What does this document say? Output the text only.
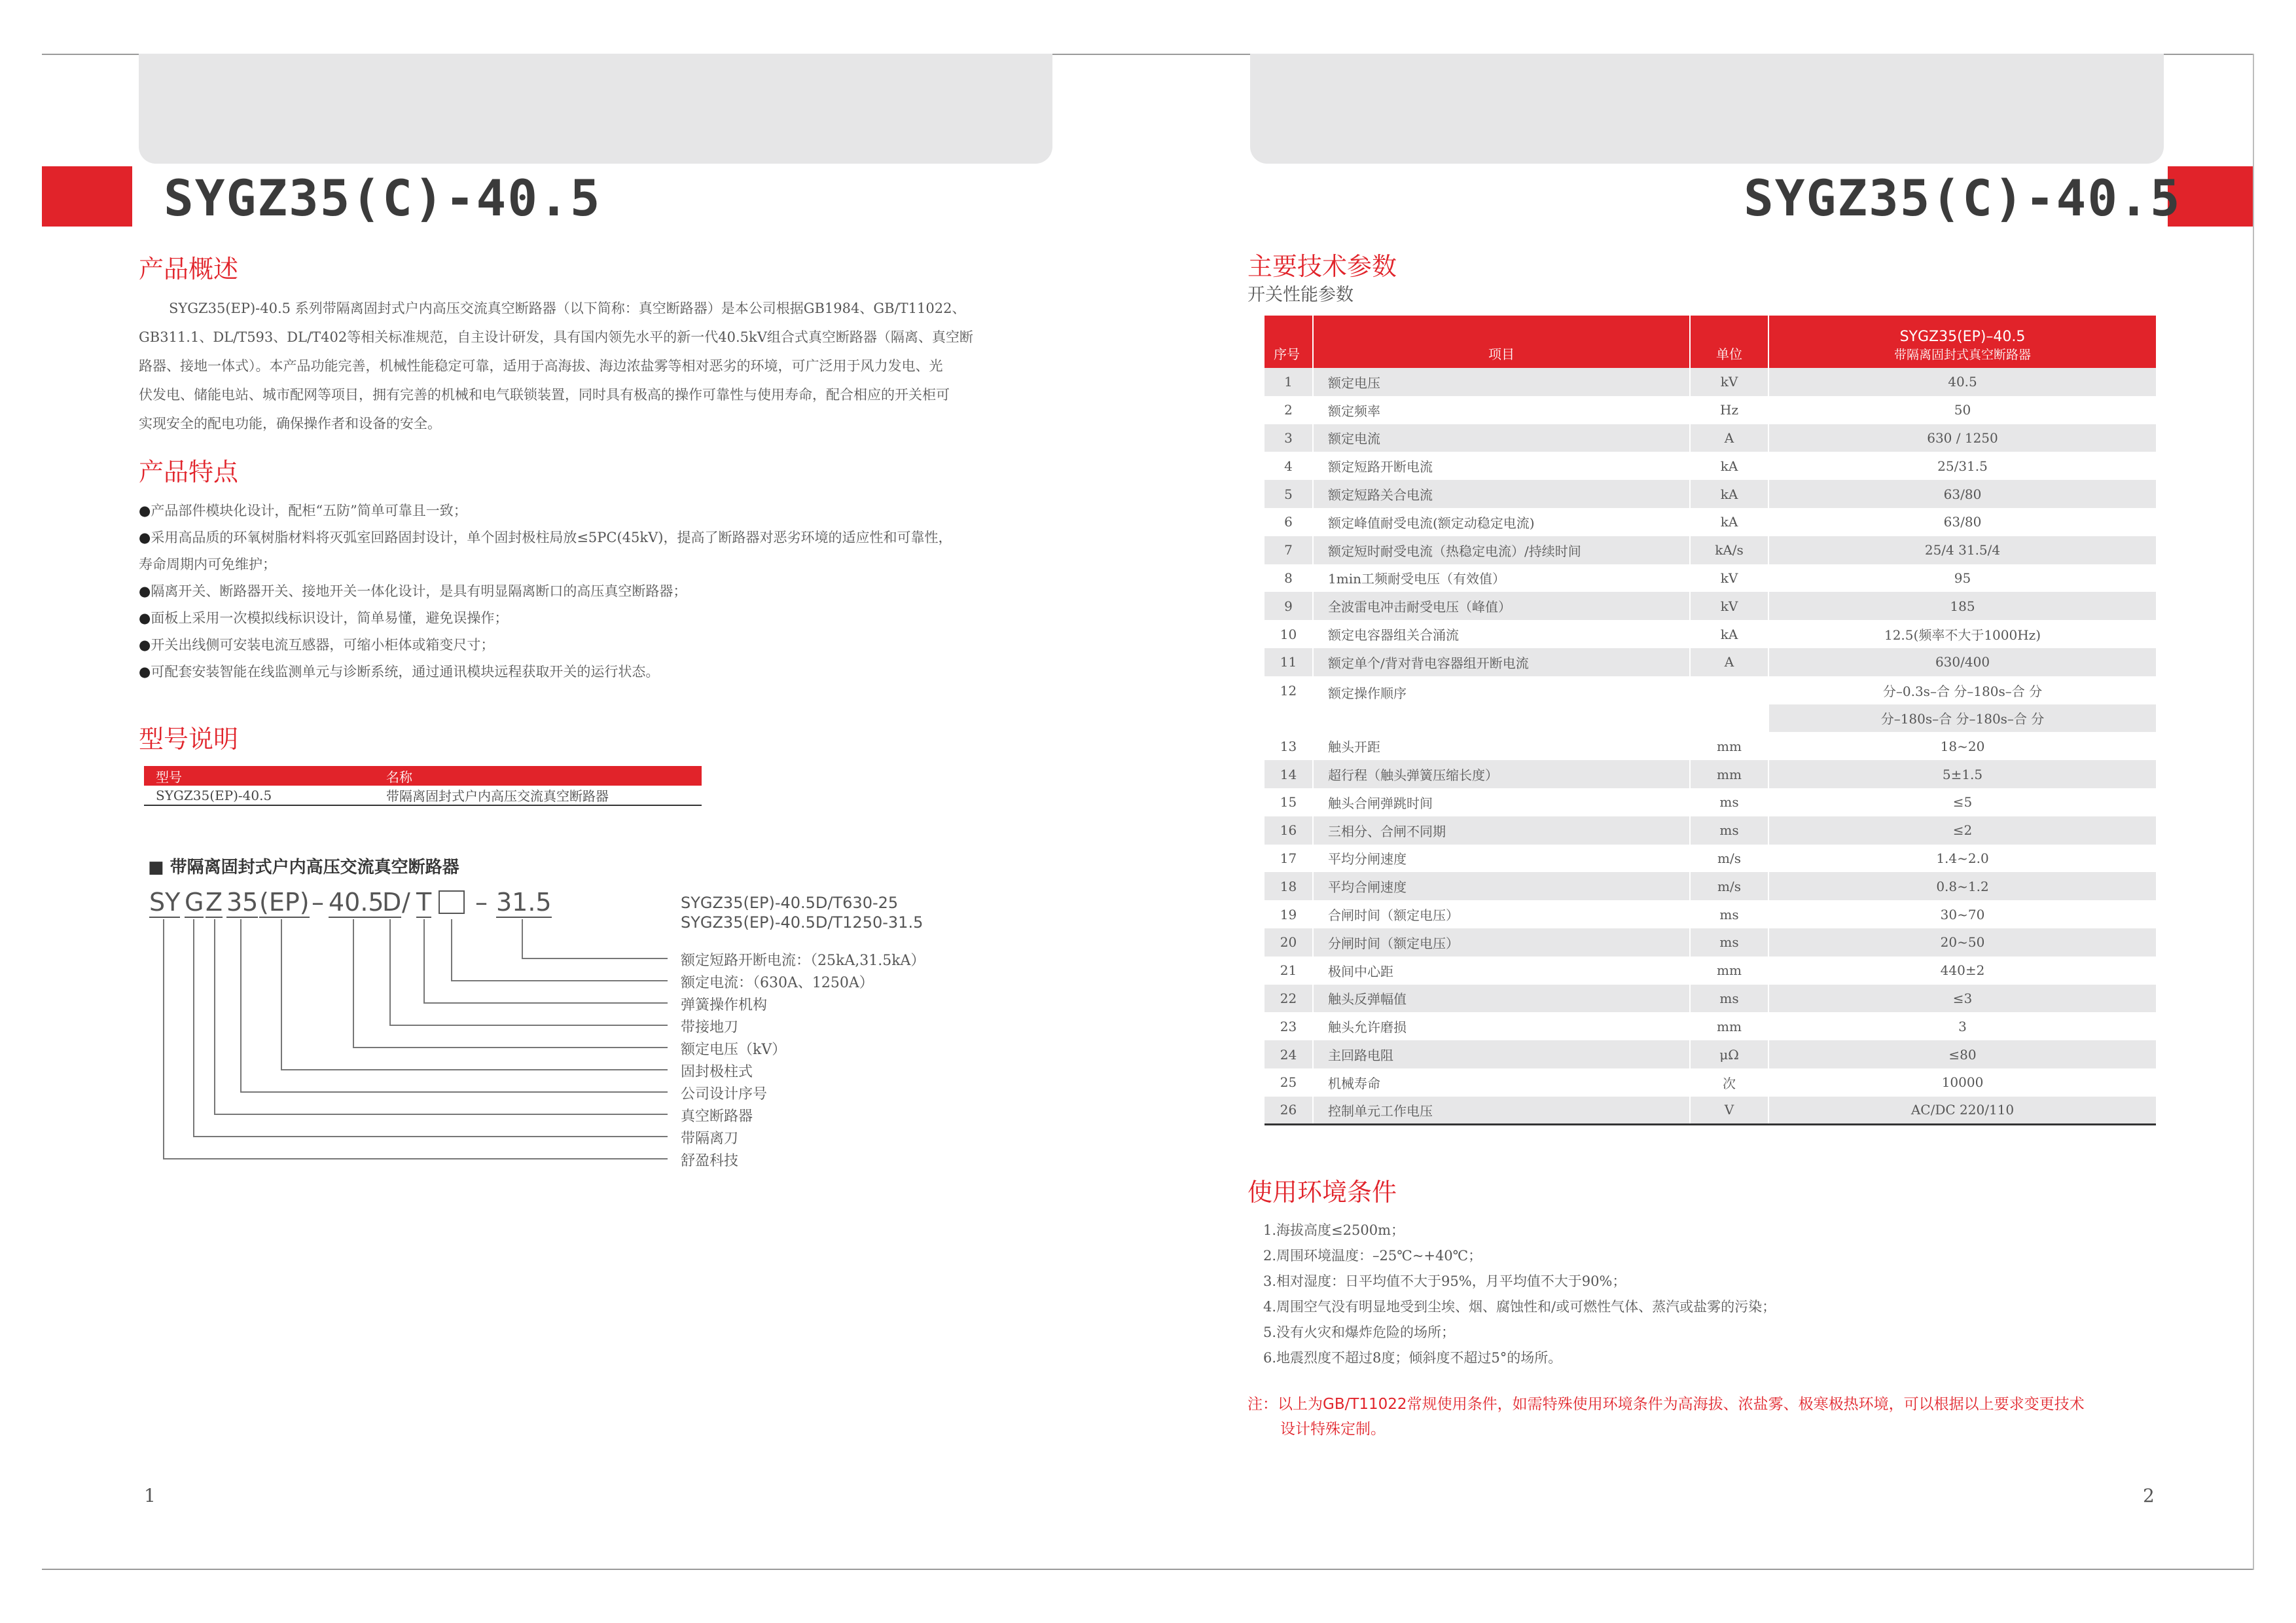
SYGZ35(C)-40.5
产品概述

SYGZ35(EP)-40.5 系列带隔离固封式户内高压交流真空断路器（以下简称：真空断路器）是本公司根据GB1984、GB/T11022、

GB311.1、DL/T593、DL/T402等相关标准规范，自主设计研发，具有国内领先水平的新一代40.5kV组合式真空断路器（隔离、真空断

路器、接地一体式）。本产品功能完善，机械性能稳定可靠，适用于高海拔、海边浓盐雾等相对恶劣的环境，可广泛用于风力发电、光

伏发电、储能电站、城市配网等项目，拥有完善的机械和电气联锁装置，同时具有极高的操作可靠性与使用寿命，配合相应的开关柜可

实现安全的配电功能，确保操作者和设备的安全。

产品特点
●产品部件模块化设计，配柜“五防”简单可靠且一致；
●采用高品质的环氧树脂材料将灭弧室回路固封设计，单个固封极柱局放≤5PC(45kV)，提高了断路器对恶劣环境的适应性和可靠性，
寿命周期内可免维护；
●隔离开关、断路器开关、接地开关一体化设计，是具有明显隔离断口的高压真空断路器；
●面板上采用一次模拟线标识设计，简单易懂，避免误操作；
●开关出线侧可安装电流互感器，可缩小柜体或箱变尺寸；
●可配套安装智能在线监测单元与诊断系统，通过通讯模块远程获取开关的运行状态。
型号说明
型号	名称
SYGZ35(EP)-40.5	带隔离固封式户内高压交流真空断路器
■ 带隔离固封式户内高压交流真空断路器
SY G Z 35 (EP) – 40.5
D / T – 31.5	SYGZ35(EP)-40.5D/T630-25
SYGZ35(EP)-40.5D/T1250-31.5
额定短路开断电流：（25kA,31.5kA）
额定电流：（630A、1250A）
弹簧操作机构
带接地刀
额定电压（kV）
固封极柱式
公司设计序号
真空断路器
带隔离刀
舒盈科技
1
SYGZ35(C)-40.5
主要技术参数
开关性能参数
序号	项目	单位	SYGZ35(EP)–40.5
带隔离固封式真空断路器

1	额定电压	kV	40.5
2	额定频率	Hz	50
3	额定电流	A	630 / 1250
4	额定短路开断电流	kA	25/31.5
5	额定短路关合电流	kA	63/80
6	额定峰值耐受电流(额定动稳定电流)	kA	63/80
7	额定短时耐受电流（热稳定电流）/持续时间	kA/s	25/4 31.5/4
8	1min工频耐受电压（有效值）	kV	95
9	全波雷电冲击耐受电压（峰值）	kV	185
10	额定电容器组关合涌流	kA	12.5(频率不大于1000Hz)
11	额定单个/背对背电容器组开断电流	A	630/400
12	额定操作顺序		分–0.3s–合 分–180s–合 分
			分–180s–合 分–180s–合 分
13	触头开距	mm	18~20
14	超行程（触头弹簧压缩长度）	mm	5±1.5
15	触头合闸弹跳时间	ms	≤5
16	三相分、合闸不同期	ms	≤2
17	平均分闸速度	m/s	1.4~2.0
18	平均合闸速度	m/s	0.8~1.2
19	合闸时间（额定电压）	ms	30~70
20	分闸时间（额定电压）	ms	20~50
21	极间中心距	mm	440±2
22	触头反弹幅值	ms	≤3
23	触头允许磨损	mm	3
24	主回路电阻	μΩ	≤80
25	机械寿命	次	10000
26	控制单元工作电压	V	AC/DC 220/110
使用环境条件

1.海拔高度≤2500m；

2.周围环境温度：–25℃~+40℃；

3.相对湿度：日平均值不大于95%，月平均值不大于90%；

4.周围空气没有明显地受到尘埃、烟、腐蚀性和/或可燃性气体、蒸汽或盐雾的污染；

5.没有火灾和爆炸危险的场所；

6.地震烈度不超过8度；倾斜度不超过5°的场所。

注：以上为GB/T11022常规使用条件，如需特殊使用环境条件为高海拔、浓盐雾、极寒极热环境，可以根据以上要求变更技术
设计特殊定制。
2
